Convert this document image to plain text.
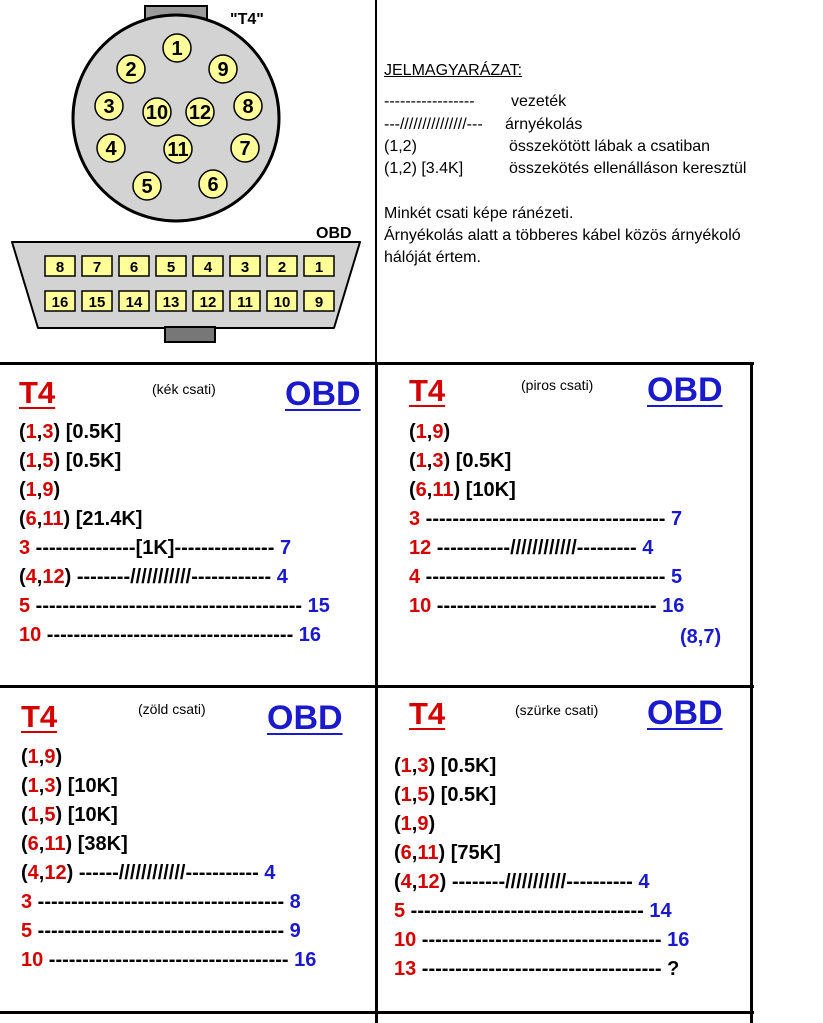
"T4"
1
2	9
3 10 12 8
4	11	7
5	6
OBD
8 7 6 5 4 3 2 1
16 15 14 13 12 11 10 9
JELMAGYARÁZAT:
----------------- vezeték
---///////////////--- árnyékolás
(1,2)	összekötött lábak a csatiban
(1,2) [3.4K]	összekötés ellenálláson keresztül
Minkét csati képe ránézeti.
Árnyékolás alatt a többeres kábel közös árnyékoló
hálóját értem.
T4	(kék csati) OBD T4	(piros csati) OBD
T4	(zöld csati) OBD T4	(szürke csati) OBD
(1,3) [0.5K]
(1,5) [0.5K]
(1,9)
(6,11) [21.4K]
3 ---------------[1K]--------------- 7
(4,12) --------///////////------------ 4
5 ---------------------------------------- 15
10 ------------------------------------- 16
(1,9)
(1,3) [0.5K]
(6,11) [10K]
3 ------------------------------------ 7
12 -----------////////////--------- 4
4 ------------------------------------ 5
10 --------------------------------- 16
(1,9)
(1,3) [10K]
(1,5) [10K]
(6,11) [38K]
(4,12) ------////////////----------- 4
3 ------------------------------------- 8
5 ------------------------------------- 9
10 ------------------------------------ 16
(1,3) [0.5K]
(1,5) [0.5K]
(1,9)
(6,11) [75K]
(4,12) --------///////////---------- 4
5 ----------------------------------- 14
10 ------------------------------------ 16
13 ------------------------------------ ?
(8,7)
